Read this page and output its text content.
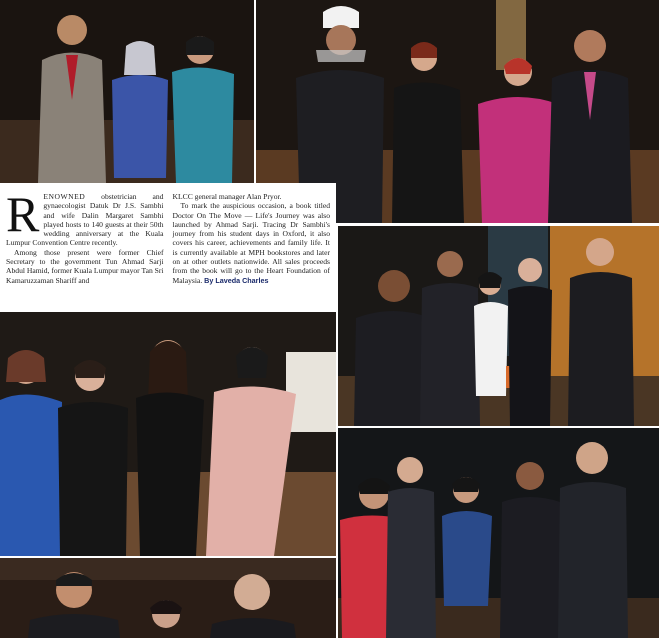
R ENOWNED obstetrician and gynaecologist Datuk Dr J.S. Sambhi and wife Dalin Margaret Sambhi played hosts to 140 guests at their 50th wedding anniversary at the Kuala Lumpur Convention Centre recently.

Among those present were former Chief Secretary to the government Tun Ahmad Sarji Abdul Hamid, former Kuala Lumpur mayor Tan Sri Kamaruzzaman Shariff and

KLCC general manager Alan Pryor.

To mark the auspicious occasion, a book titled Doctor On The Move — Life's Journey was also launched by Ahmad Sarji. Tracing Dr Sambhi's journey from his student days in Oxford, it also covers his career, achievements and family life. It is currently available at MPH bookstores and later on at other outlets nationwide. All sales proceeds from the book will go to the Heart Foundation of Malaysia. By Laveda Charles
